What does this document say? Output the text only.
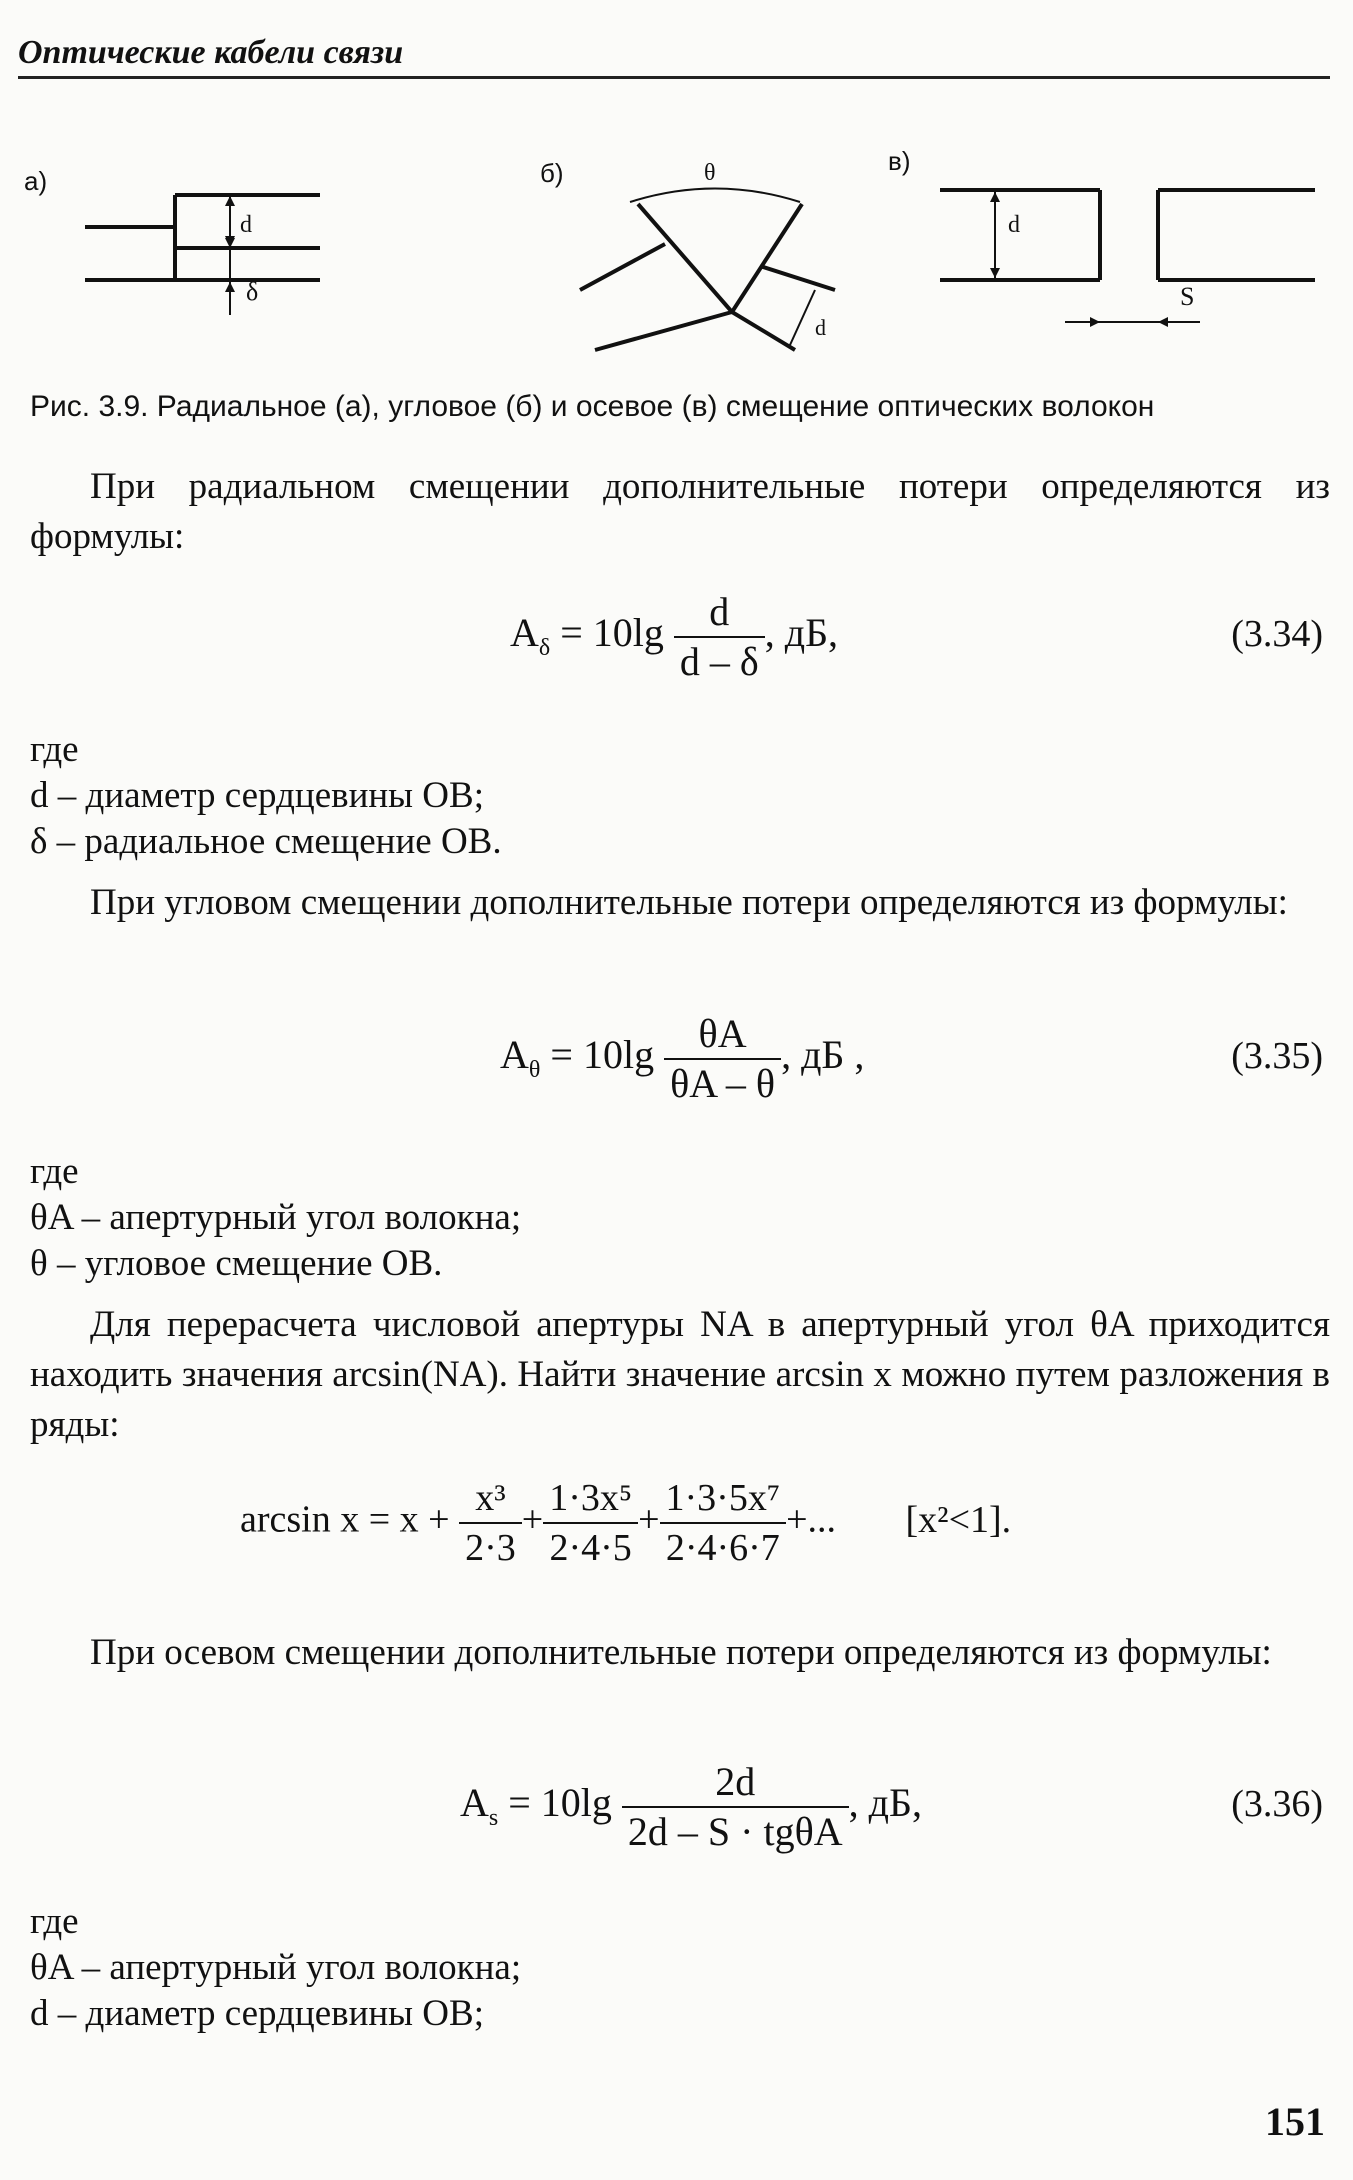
Оптические кабели связи
а)
d
δ
б)	θ
d
в)
d
S
Рис. 3.9. Радиальное (а), угловое (б) и осевое (в) смещение оптических волокон
При радиальном смещении дополнительные потери определяются из формулы:
$A_\delta = 10\lg \frac{d}{d - \delta}$ , дБ,	(3.34)
где
d – диаметр сердцевины ОВ;
δ – радиальное смещение ОВ.
При угловом смещении дополнительные потери определяются из формулы:
$A_\theta = 10\lg \frac{\theta A}{\theta A - \theta}$ , дБ ,	(3.35)
где
θA – апертурный угол волокна;
θ – угловое смещение ОВ.
Для перерасчета числовой апертуры NA в апертурный угол θA приходится находить значения arcsin(NA). Найти значение arcsin x можно путем разложения в ряды:
$\arcsin x = x + \frac{\text{x³}}{2\cdot 3} + \frac{\text{1·3x⁵}}{2\cdot 4\cdot 5} + \frac{\text{1·3·5x⁷}}{2\cdot 4\cdot 6\cdot 7}$ +... [x²<1].
При осевом смещении дополнительные потери определяются из формулы:
$A_s = 10\lg \frac{2d}{\text{2d – S · tgθA}}$ , дБ,	(3.36)
где
θA – апертурный угол волокна;
d – диаметр сердцевины ОВ;
151
